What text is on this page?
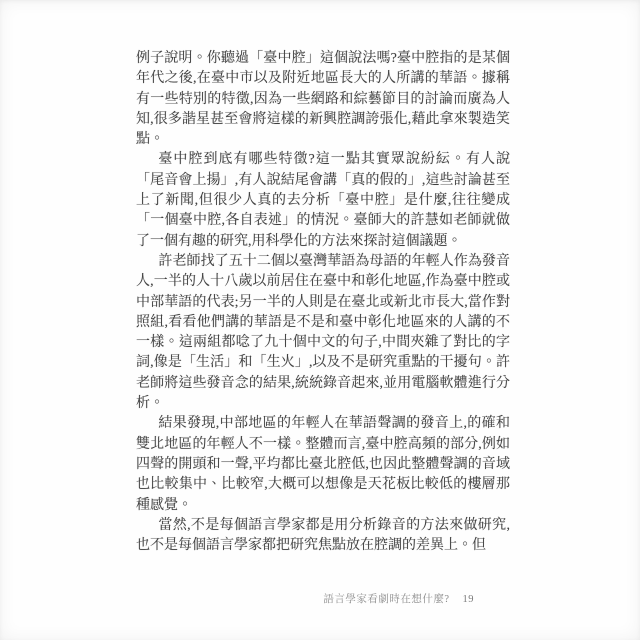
例子說明。你聽過「臺中腔」這個說法嗎?臺中腔指的是某個年代之後,在臺中市以及附近地區長大的人所講的華語。據稱有一些特別的特徵,因為一些網路和綜藝節目的討論而廣為人知,很多諧星甚至會將這樣的新興腔調誇張化,藉此拿來製造笑點。

臺中腔到底有哪些特徵?這一點其實眾說紛紜。有人說「尾音會上揚」,有人說結尾會講「真的假的」,這些討論甚至上了新聞,但很少人真的去分析「臺中腔」是什麼,往往變成「一個臺中腔,各自表述」的情況。臺師大的許慧如老師就做了一個有趣的研究,用科學化的方法來探討這個議題。

許老師找了五十二個以臺灣華語為母語的年輕人作為發音人,一半的人十八歲以前居住在臺中和彰化地區,作為臺中腔或中部華語的代表;另一半的人則是在臺北或新北市長大,當作對照組,看看他們講的華語是不是和臺中彰化地區來的人講的不一樣。這兩組都唸了九十個中文的句子,中間夾雜了對比的字詞,像是「生活」和「生火」,以及不是研究重點的干擾句。許老師將這些發音念的結果,統統錄音起來,並用電腦軟體進行分析。

結果發現,中部地區的年輕人在華語聲調的發音上,的確和雙北地區的年輕人不一樣。整體而言,臺中腔高頻的部分,例如四聲的開頭和一聲,平均都比臺北腔低,也因此整體聲調的音域也比較集中、比較窄,大概可以想像是天花板比較低的樓層那種感覺。

當然,不是每個語言學家都是用分析錄音的方法來做研究,也不是每個語言學家都把研究焦點放在腔調的差異上。但

語言學家看劇時在想什麼? 19
